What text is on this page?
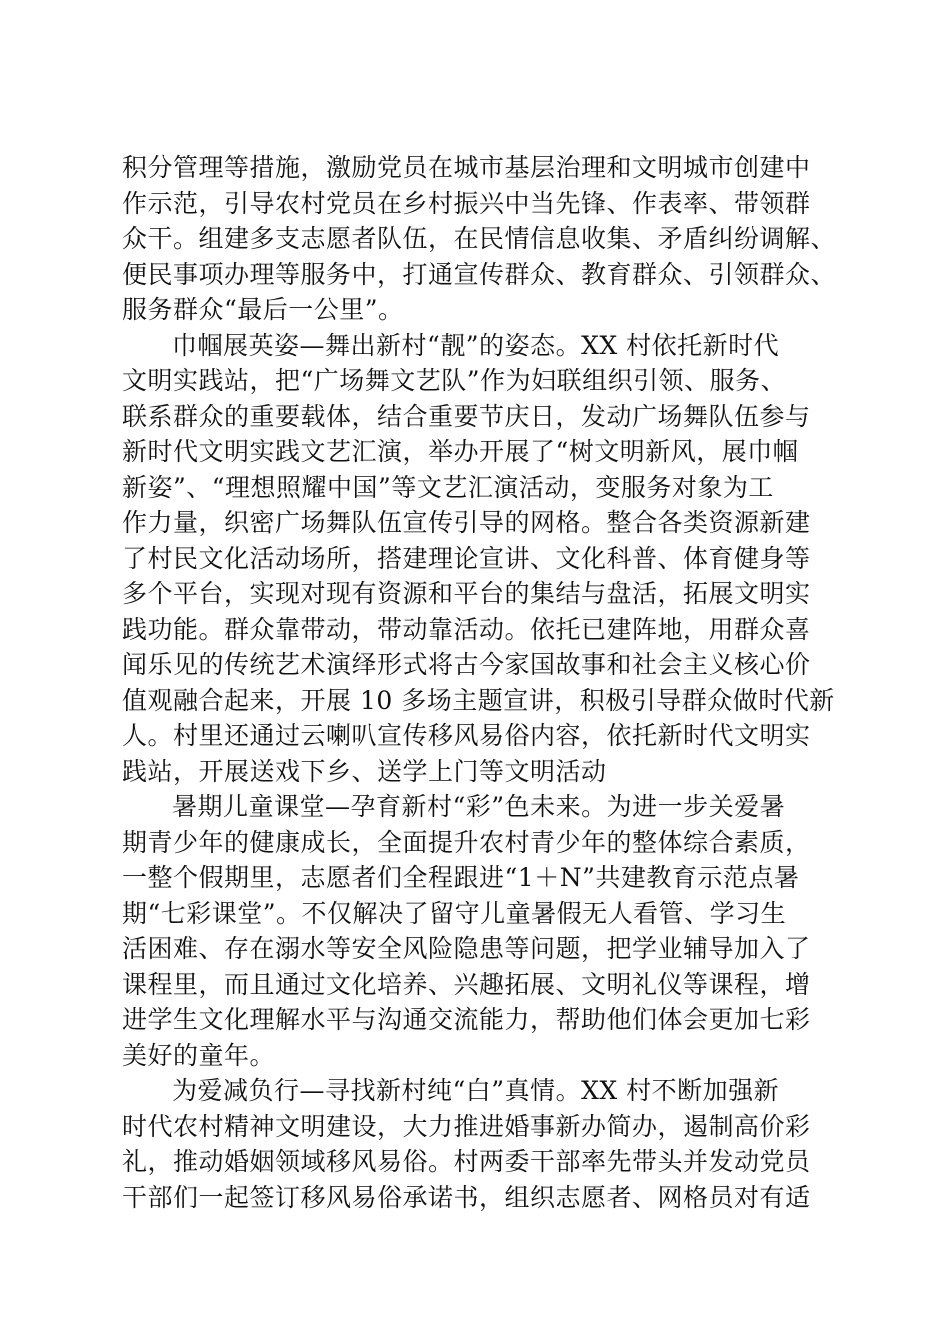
积分管理等措施，激励党员在城市基层治理和文明城市创建中
作示范，引导农村党员在乡村振兴中当先锋、作表率、带领群
众干。组建多支志愿者队伍，在民情信息收集、矛盾纠纷调解、
便民事项办理等服务中，打通宣传群众、教育群众、引领群众、
服务群众“最后一公里”。
巾帼展英姿—舞出新村“靓”的姿态。XX 村依托新时代
文明实践站，把“广场舞文艺队”作为妇联组织引领、服务、
联系群众的重要载体，结合重要节庆日，发动广场舞队伍参与
新时代文明实践文艺汇演，举办开展了“树文明新风，展巾帼
新姿”、“理想照耀中国”等文艺汇演活动，变服务对象为工
作力量，织密广场舞队伍宣传引导的网格。整合各类资源新建
了村民文化活动场所，搭建理论宣讲、文化科普、体育健身等
多个平台，实现对现有资源和平台的集结与盘活，拓展文明实
践功能。群众靠带动，带动靠活动。依托已建阵地，用群众喜
闻乐见的传统艺术演绎形式将古今家国故事和社会主义核心价
值观融合起来，开展 10 多场主题宣讲，积极引导群众做时代新
人。村里还通过云喇叭宣传移风易俗内容，依托新时代文明实
践站，开展送戏下乡、送学上门等文明活动
暑期儿童课堂—孕育新村“彩”色未来。为进一步关爱暑
期青少年的健康成长，全面提升农村青少年的整体综合素质，
一整个假期里，志愿者们全程跟进“1＋N”共建教育示范点暑
期“七彩课堂”。不仅解决了留守儿童暑假无人看管、学习生
活困难、存在溺水等安全风险隐患等问题，把学业辅导加入了
课程里，而且通过文化培养、兴趣拓展、文明礼仪等课程，增
进学生文化理解水平与沟通交流能力，帮助他们体会更加七彩
美好的童年。
为爱减负行—寻找新村纯“白”真情。XX 村不断加强新
时代农村精神文明建设，大力推进婚事新办简办，遏制高价彩
礼，推动婚姻领域移风易俗。村两委干部率先带头并发动党员
干部们一起签订移风易俗承诺书，组织志愿者、网格员对有适
